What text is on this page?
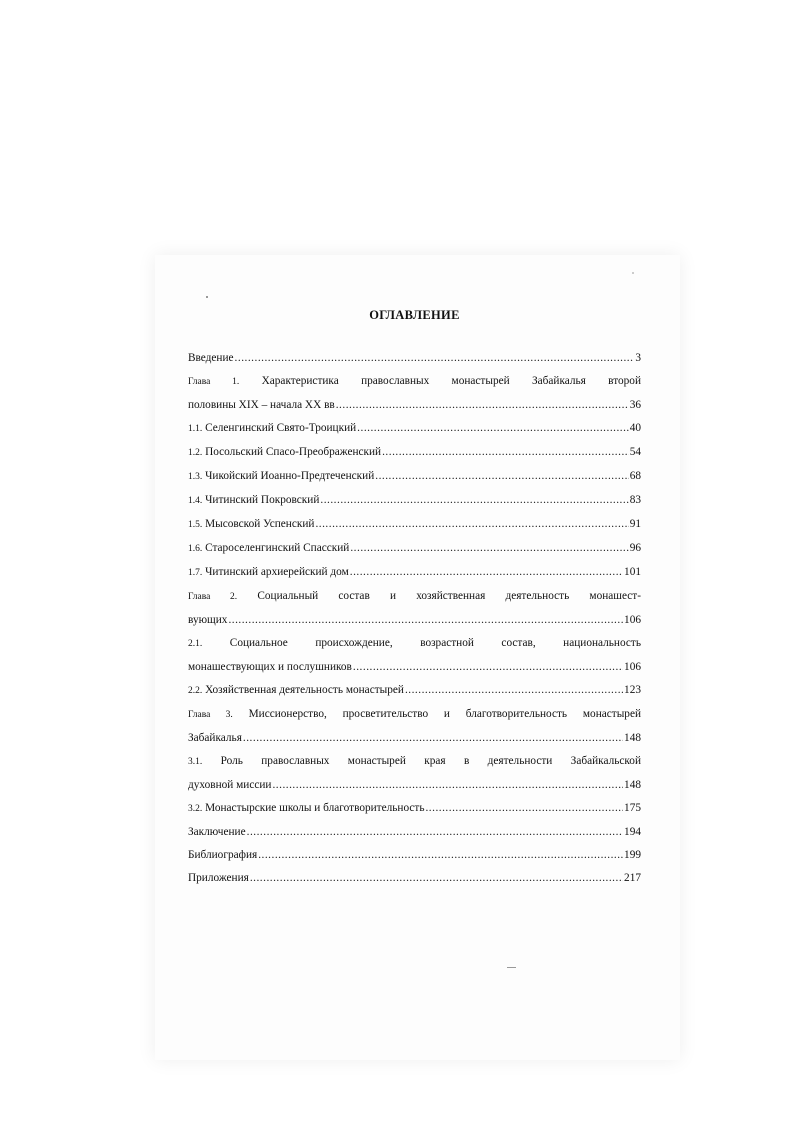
ОГЛАВЛЕНИЕ
Введение .....	3
Глава 1. Характеристика православных монастырей Забайкалья второй
половины XIX – начала XX вв .....	36
1.1. Селенгинский Свято-Троицкий .....	40
1.2. Посольский Спасо-Преображенский .....	54
1.3. Чикойский Иоанно-Предтеченский .....	68
1.4. Читинский Покровский .....	83
1.5. Мысовской Успенский .....	91
1.6. Староселенгинский Спасский .....	96
1.7. Читинский архиерейский дом .....	101
Глава 2. Социальный состав и хозяйственная деятельность монашест-
вующих .....	106
2.1. Социальное происхождение, возрастной состав, национальность
монашествующих и послушников .....	106
2.2. Хозяйственная деятельность монастырей .....	123
Глава 3. Миссионерство, просветительство и благотворительность монастырей
Забайкалья .....	148
3.1. Роль православных монастырей края в деятельности Забайкальской
духовной миссии .....	148
3.2. Монастырские школы и благотворительность .....	175
Заключение .....	194
Библиография .....	199
Приложения .....	217
